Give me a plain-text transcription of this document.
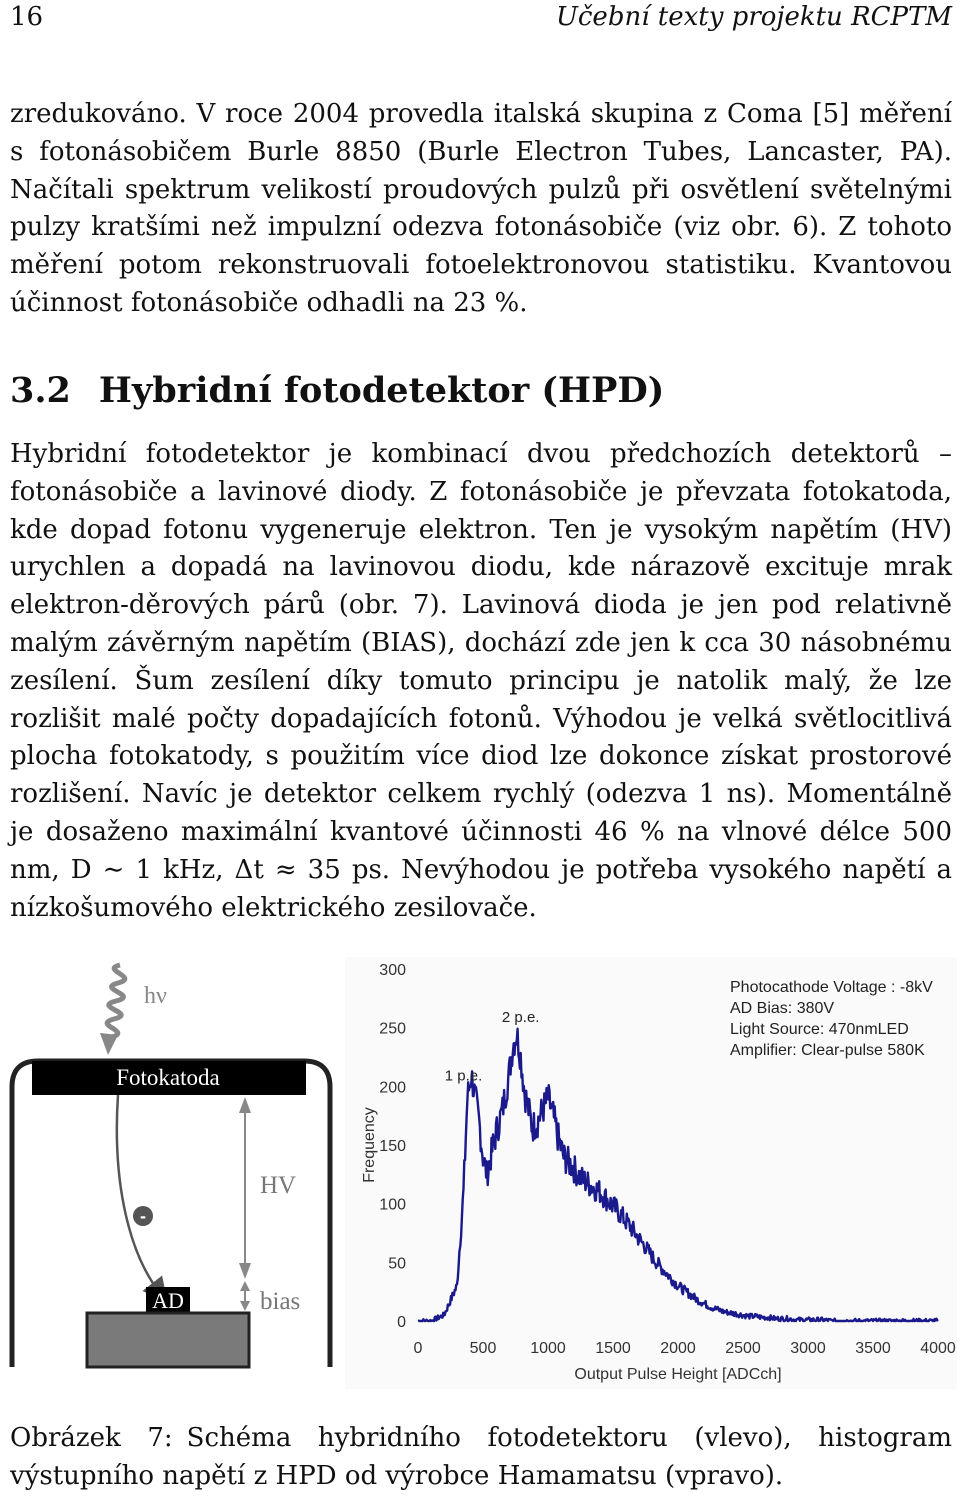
16	Učební texty projektu RCPTM

zredukováno. V roce 2004 provedla italská skupina z Coma [5] měření s fotonásobičem Burle 8850 (Burle Electron Tubes, Lancaster, PA). Načítali spektrum velikostí proudových pulzů při osvětlení světelnými pulzy kratšími než impulzní odezva fotonásobiče (viz obr. 6). Z tohoto měření potom rekonstruovali fotoelektronovou statistiku. Kvantovou účinnost fotonásobiče odhadli na 23 %.

3.2 Hybridní fotodetektor (HPD)

Hybridní fotodetektor je kombinací dvou předchozích detektorů – fotonásobiče a lavinové diody. Z fotonásobiče je převzata fotokatoda, kde dopad fotonu vygeneruje elektron. Ten je vysokým napětím (HV) urychlen a dopadá na lavinovou diodu, kde nárazově excituje mrak elektron-děrových párů (obr. 7). Lavinová dioda je jen pod relativně malým závěrným napětím (BIAS), dochází zde jen k cca 30 násobnému zesílení. Šum zesílení díky tomuto principu je natolik malý, že lze rozlišit malé počty dopadajících fotonů. Výhodou je velká světlocitlivá plocha fotokatody, s použitím více diod lze dokonce získat prostorové rozlišení. Navíc je detektor celkem rychlý (odezva 1 ns). Momentálně je dosaženo maximální kvantové účinnosti 46 % na vlnové délce 500 nm, D ∼ 1 kHz, Δt ≈ 35 ps. Nevýhodou je potřeba vysokého napětí a nízkošumového elektrického zesilovače.

hν
Fotokatoda
-
HV
bias
AD
0
50
100
150
200
250
300
0	500 1000 1500 2000 2500 3000 3500 4000
1 p.e.
2 p.e.
Frequency
Output Pulse Height [ADCch]
Photocathode Voltage : -8kV
AD Bias: 380V
Light Source: 470nmLED
Amplifier: Clear-pulse 580K

Obrázek 7: Schéma hybridního fotodetektoru (vlevo), histogram výstupního napětí z HPD od výrobce Hamamatsu (vpravo).
